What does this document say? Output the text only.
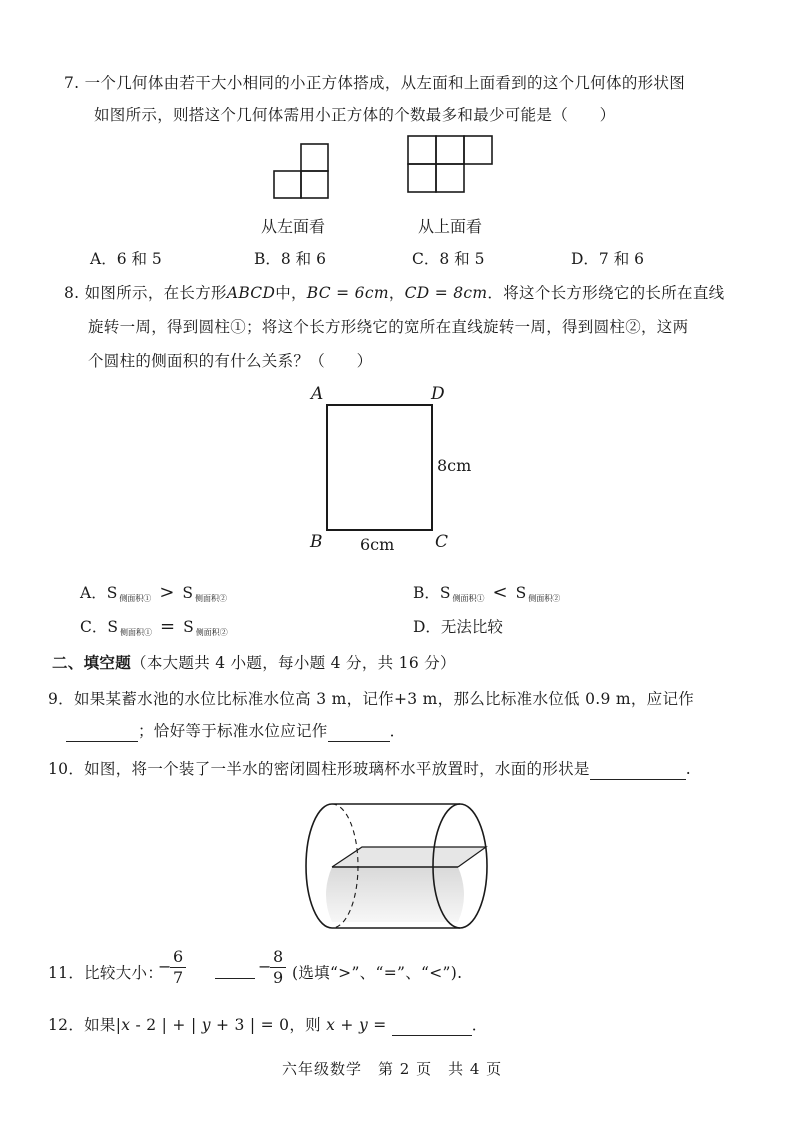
7. 一个几何体由若干大小相同的小正方体搭成，从左面和上面看到的这个几何体的形状图
如图所示，则搭这个几何体需用小正方体的个数最多和最少可能是（　　）
从左面看	从上面看
A．6 和 5	B．8 和 6	C．8 和 5	D．7 和 6
8. 如图所示，在长方形ABCD中，BC = 6cm，CD = 8cm．将这个长方形绕它的长所在直线
旋转一周，得到圆柱①；将这个长方形绕它的宽所在直线旋转一周，得到圆柱②，这两
个圆柱的侧面积的有什么关系？（　　）
A	D
B	C
8cm
6cm
A．S $_{侧面积①}$ > S $_{侧面积②}$	B．S $_{侧面积①}$ < S $_{侧面积②}$
C．S $_{侧面积①}$ = S $_{侧面积②}$	D．无法比较
二、填空题（本大题共 4 小题，每小题 4 分，共 16 分）
9．如果某蓄水池的水位比标准水位高 3 m，记作+3 m，那么比标准水位低 0.9 m，应记作
；恰好等于标准水位应记作	．
10．如图，将一个装了一半水的密闭圆柱形玻璃杯水平放置时，水面的形状是	.
11．比较大小：
−
6
7
−
8
9 (选填“>”、“=”、“<”).
12．如果|x - 2 | + | y + 3 | = 0，则 x + y =	．
六年级数学　第 2 页　共 4 页
